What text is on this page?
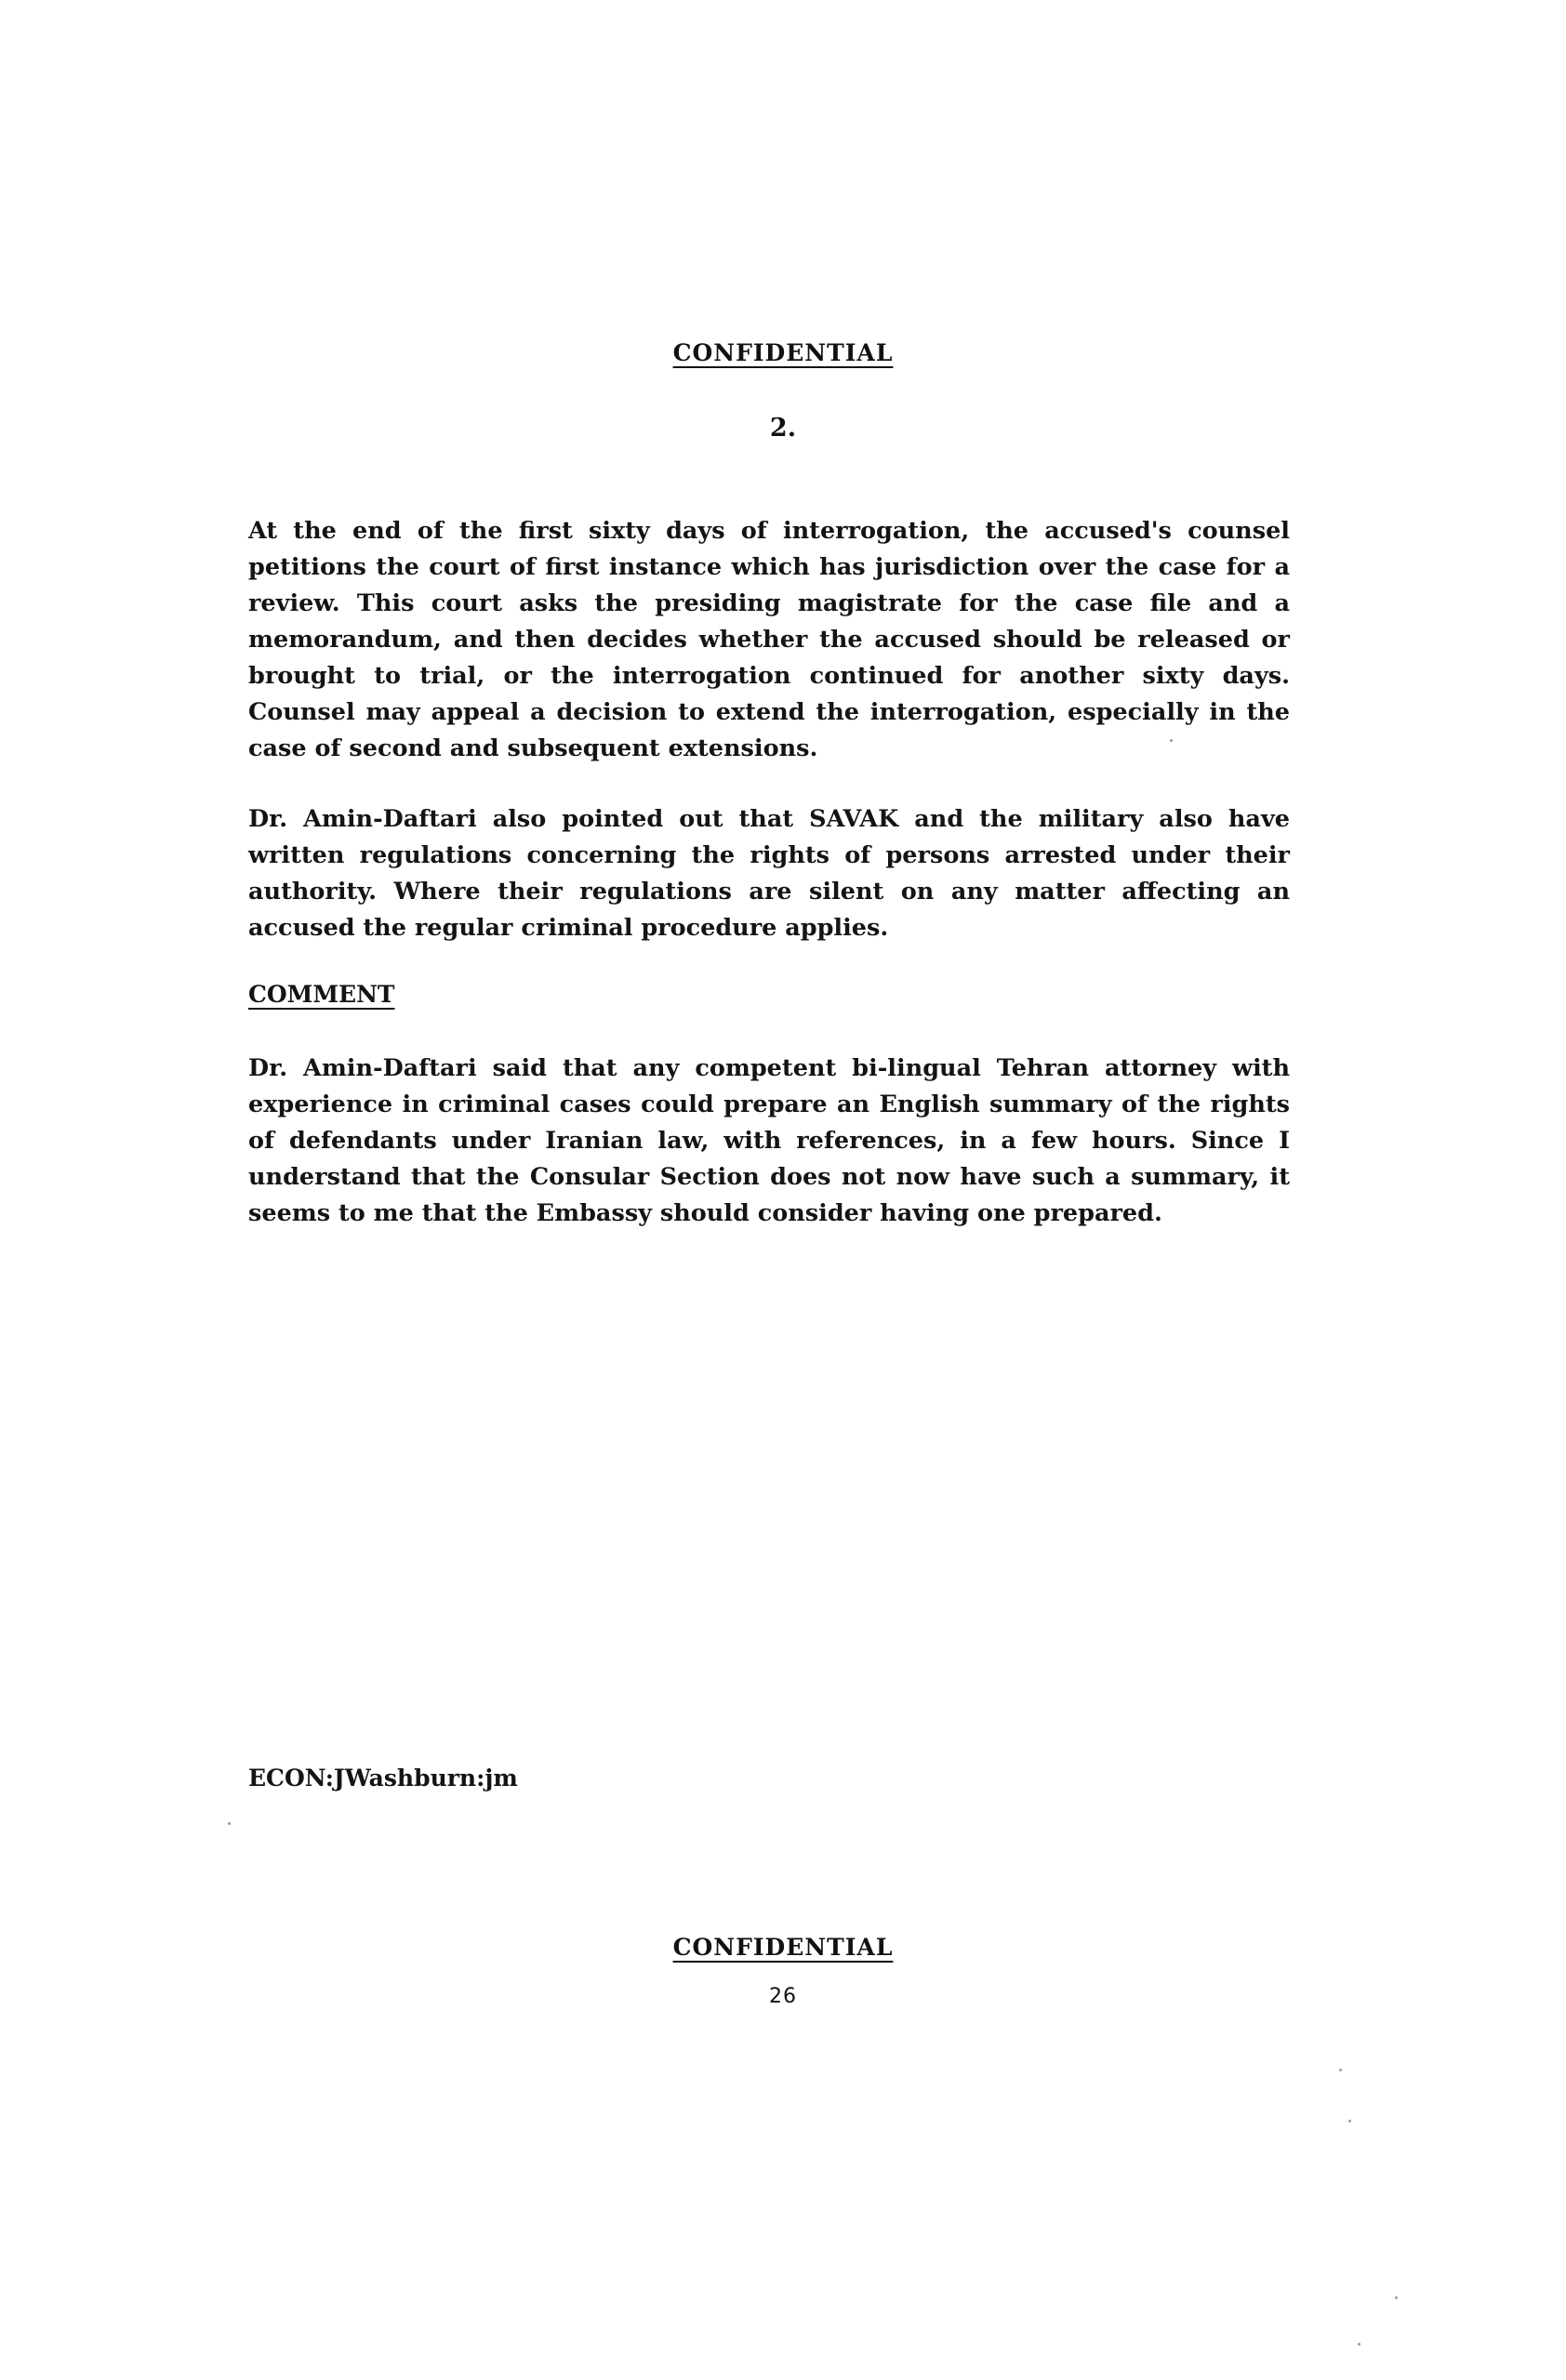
CONFIDENTIAL
2.

At the end of the first sixty days of interrogation, the accused's counsel petitions the court of first instance which has jurisdiction over the case for a review. This court asks the presiding magistrate for the case file and a memorandum, and then decides whether the accused should be released or brought to trial, or the interrogation continued for another sixty days. Counsel may appeal a decision to extend the interrogation, especially in the case of second and subsequent extensions.

Dr. Amin-Daftari also pointed out that SAVAK and the military also have written regulations concerning the rights of persons arrested under their authority. Where their regulations are silent on any matter affecting an accused the regular criminal procedure applies.

COMMENT

Dr. Amin-Daftari said that any competent bi-lingual Tehran attorney with experience in criminal cases could prepare an English summary of the rights of defendants under Iranian law, with references, in a few hours. Since I understand that the Consular Section does not now have such a summary, it seems to me that the Embassy should consider having one prepared.

ECON:JWashburn:jm
CONFIDENTIAL
26
